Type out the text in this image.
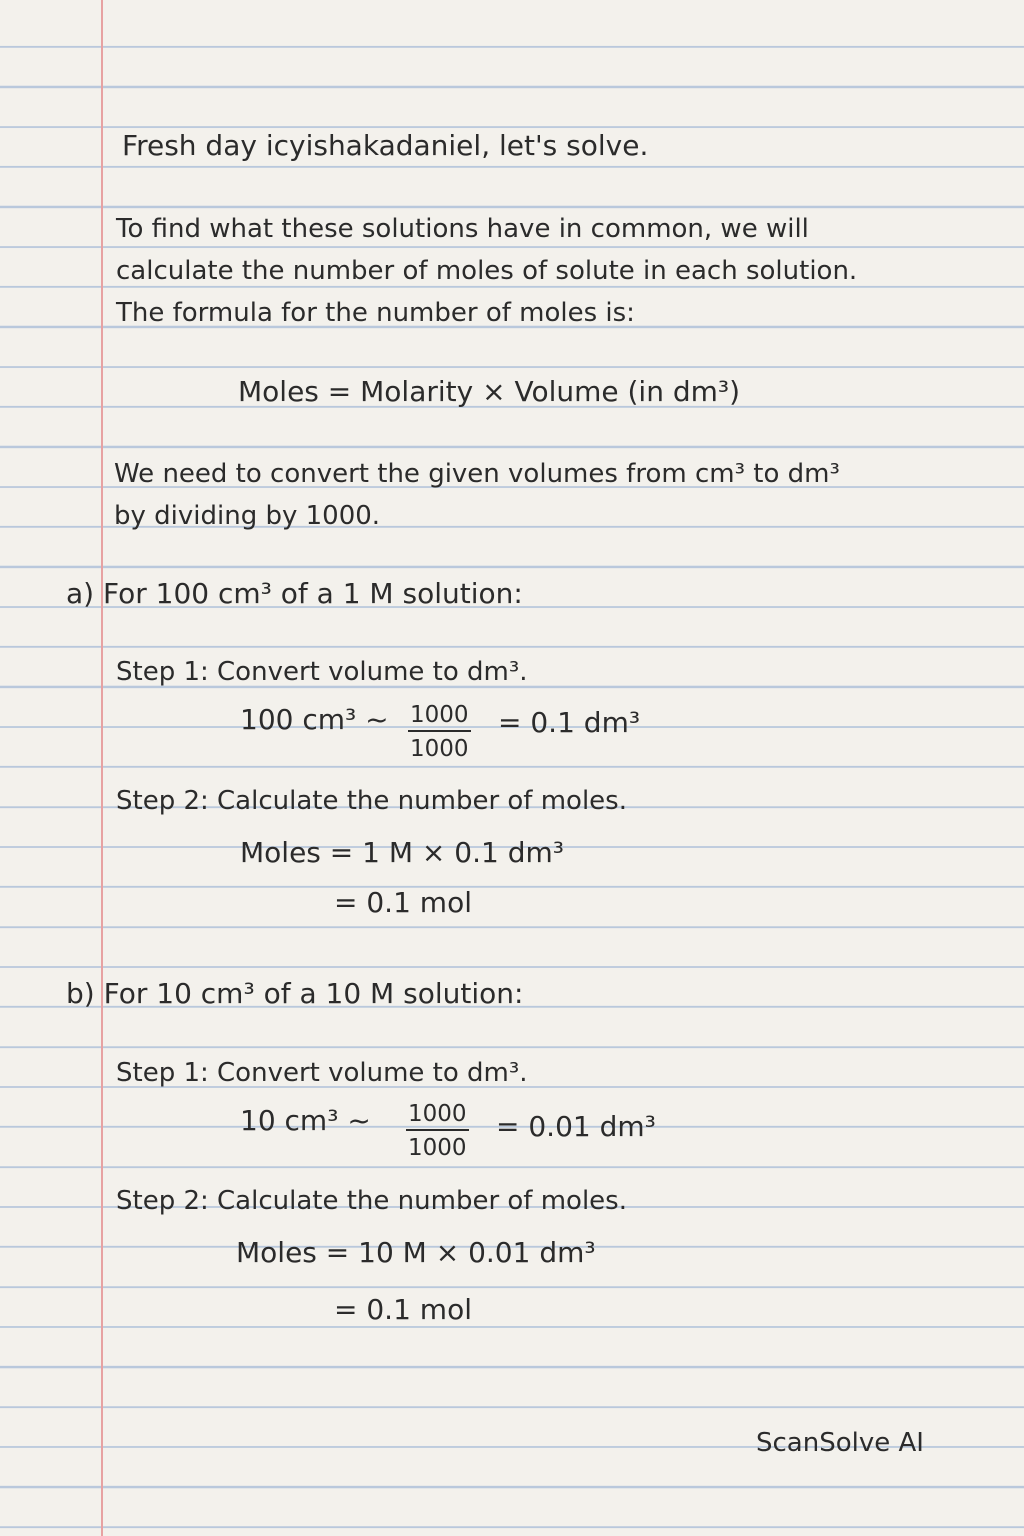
Fresh day icyishakadaniel, let's solve.
To find what these solutions have in common, we will
calculate the number of moles of solute in each solution.
The formula for the number of moles is:
Moles = Molarity × Volume (in dm³)
We need to convert the given volumes from cm³ to dm³
by dividing by 1000.
a) For 100 cm³ of a 1 M solution:
Step 1: Convert volume to dm³.
100 cm³ ~ $\frac{1000}{1000} = 0.1$ dm³
Step 2: Calculate the number of moles.
Moles = 1 M × 0.1 dm³
= 0.1 mol
b) For 10 cm³ of a 10 M solution:
Step 1: Convert volume to dm³.
10 cm³ ~ $\frac{1000}{1000} = 0.01$ dm³
Step 2: Calculate the number of moles.
Moles = 10 M × 0.01 dm³
= 0.1 mol
ScanSolve AI
